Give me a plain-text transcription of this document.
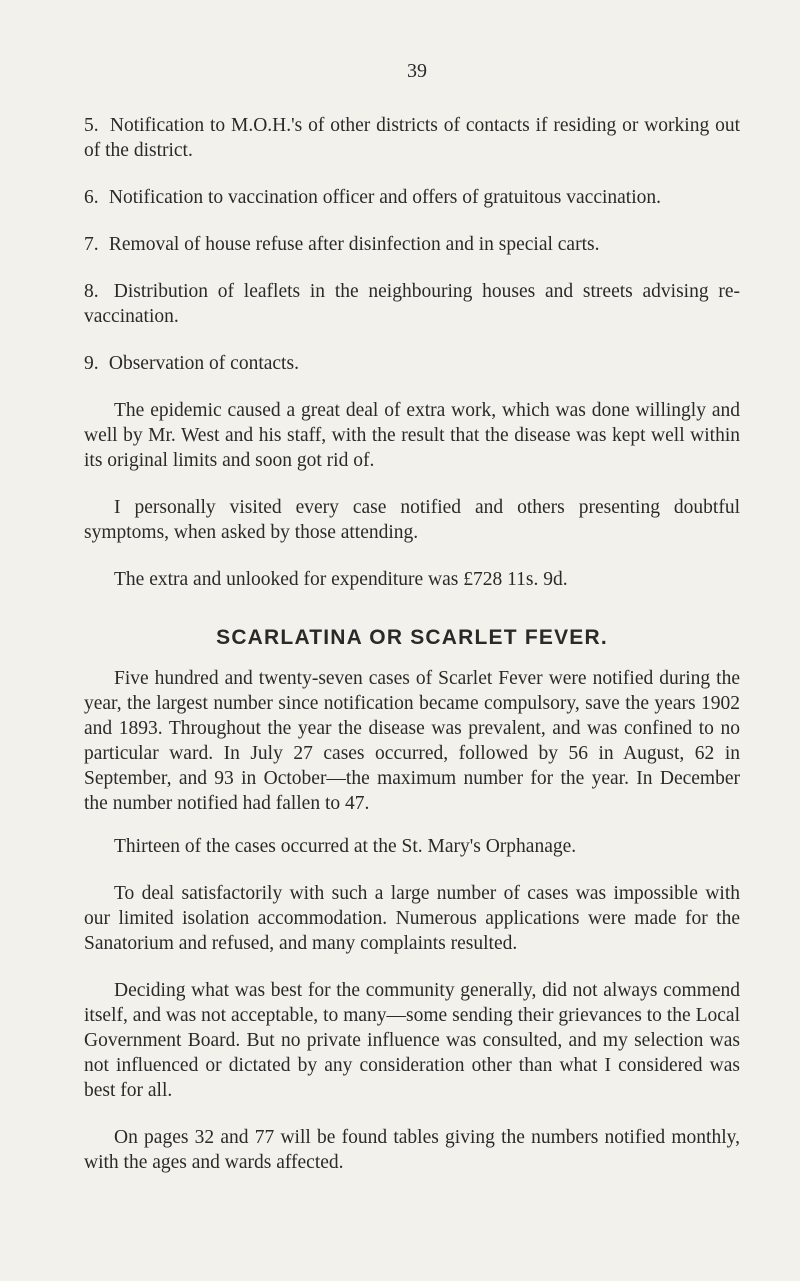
39

5. Notification to M.O.H.'s of other districts of contacts if residing or working out of the district.

6. Notification to vaccination officer and offers of gratuitous vaccination.

7. Removal of house refuse after disinfection and in special carts.

8. Distribution of leaflets in the neighbouring houses and streets advising re-vaccination.

9. Observation of contacts.

The epidemic caused a great deal of extra work, which was done willingly and well by Mr. West and his staff, with the result that the disease was kept well within its original limits and soon got rid of.

I personally visited every case notified and others presenting doubtful symptoms, when asked by those attending.

The extra and unlooked for expenditure was £728 11s. 9d.

SCARLATINA OR SCARLET FEVER.

Five hundred and twenty-seven cases of Scarlet Fever were notified during the year, the largest number since notification became compulsory, save the years 1902 and 1893. Throughout the year the disease was prevalent, and was confined to no particular ward. In July 27 cases occurred, followed by 56 in August, 62 in September, and 93 in October—the maximum number for the year. In December the number notified had fallen to 47.

Thirteen of the cases occurred at the St. Mary's Orphanage.

To deal satisfactorily with such a large number of cases was impossible with our limited isolation accommodation. Numerous applications were made for the Sanatorium and refused, and many complaints resulted.

Deciding what was best for the community generally, did not always commend itself, and was not acceptable, to many—some sending their grievances to the Local Government Board. But no private influence was consulted, and my selection was not influenced or dictated by any consideration other than what I considered was best for all.

On pages 32 and 77 will be found tables giving the numbers notified monthly, with the ages and wards affected.
